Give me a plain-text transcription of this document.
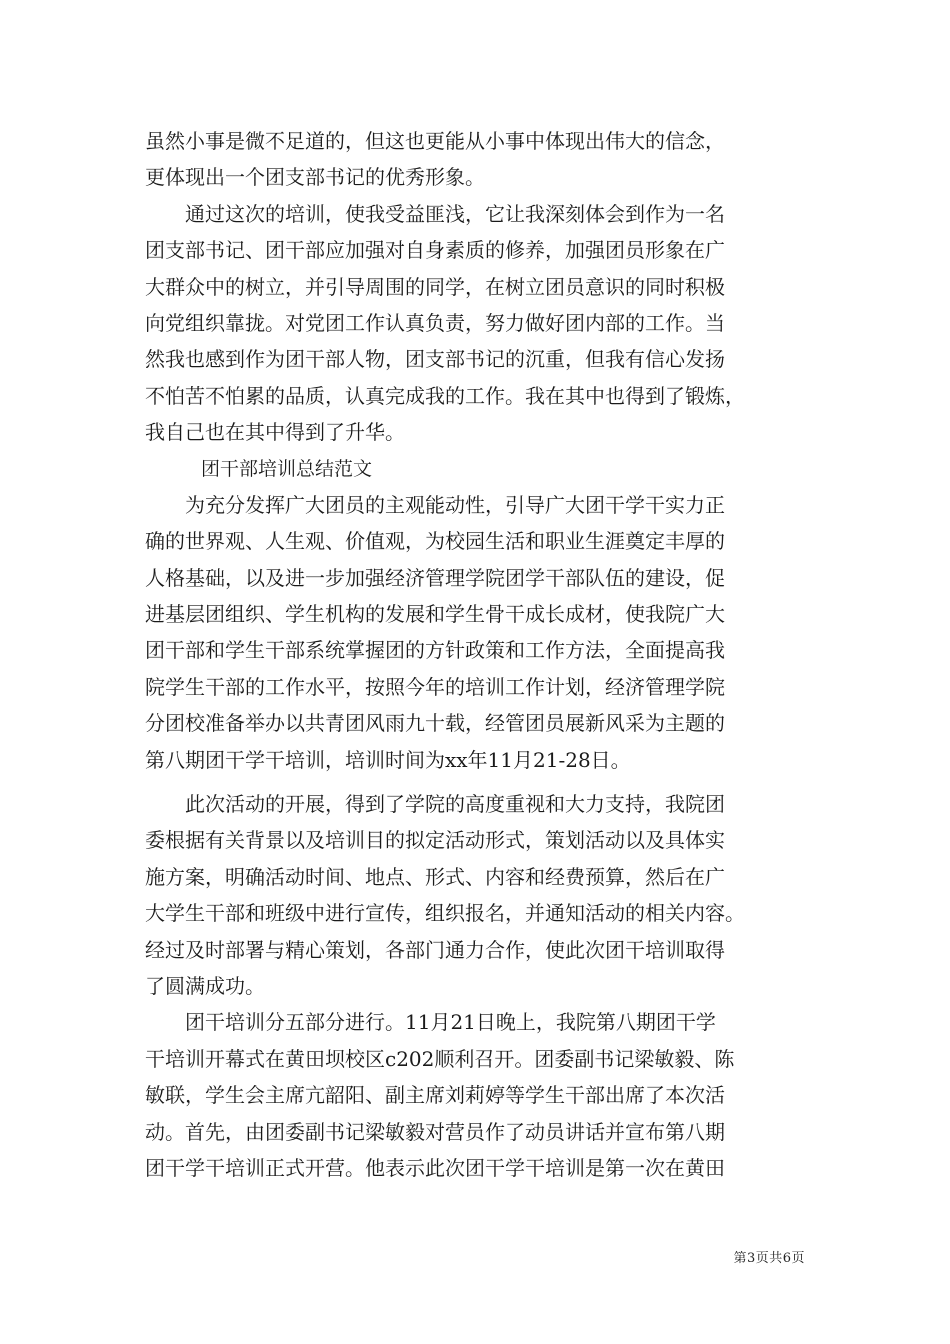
虽然小事是微不足道的，但这也更能从小事中体现出伟大的信念，
更体现出一个团支部书记的优秀形象。
通过这次的培训，使我受益匪浅，它让我深刻体会到作为一名
团支部书记、团干部应加强对自身素质的修养，加强团员形象在广
大群众中的树立，并引导周围的同学，在树立团员意识的同时积极
向党组织靠拢。对党团工作认真负责，努力做好团内部的工作。当
然我也感到作为团干部人物，团支部书记的沉重，但我有信心发扬
不怕苦不怕累的品质，认真完成我的工作。我在其中也得到了锻炼，
我自己也在其中得到了升华。
团干部培训总结范文
为充分发挥广大团员的主观能动性，引导广大团干学干实力正
确的世界观、人生观、价值观，为校园生活和职业生涯奠定丰厚的
人格基础，以及进一步加强经济管理学院团学干部队伍的建设，促
进基层团组织、学生机构的发展和学生骨干成长成材，使我院广大
团干部和学生干部系统掌握团的方针政策和工作方法，全面提高我
院学生干部的工作水平，按照今年的培训工作计划，经济管理学院
分团校准备举办以共青团风雨九十载，经管团员展新风采为主题的
第八期团干学干培训，培训时间为xx年11月21-28日。
此次活动的开展，得到了学院的高度重视和大力支持，我院团
委根据有关背景以及培训目的拟定活动形式，策划活动以及具体实
施方案，明确活动时间、地点、形式、内容和经费预算，然后在广
大学生干部和班级中进行宣传，组织报名，并通知活动的相关内容。
经过及时部署与精心策划，各部门通力合作，使此次团干培训取得
了圆满成功。
团干培训分五部分进行。11月21日晚上，我院第八期团干学
干培训开幕式在黄田坝校区c202顺利召开。团委副书记梁敏毅、陈
敏联，学生会主席亢韶阳、副主席刘莉婷等学生干部出席了本次活
动。首先，由团委副书记梁敏毅对营员作了动员讲话并宣布第八期
团干学干培训正式开营。他表示此次团干学干培训是第一次在黄田
第3页共6页
